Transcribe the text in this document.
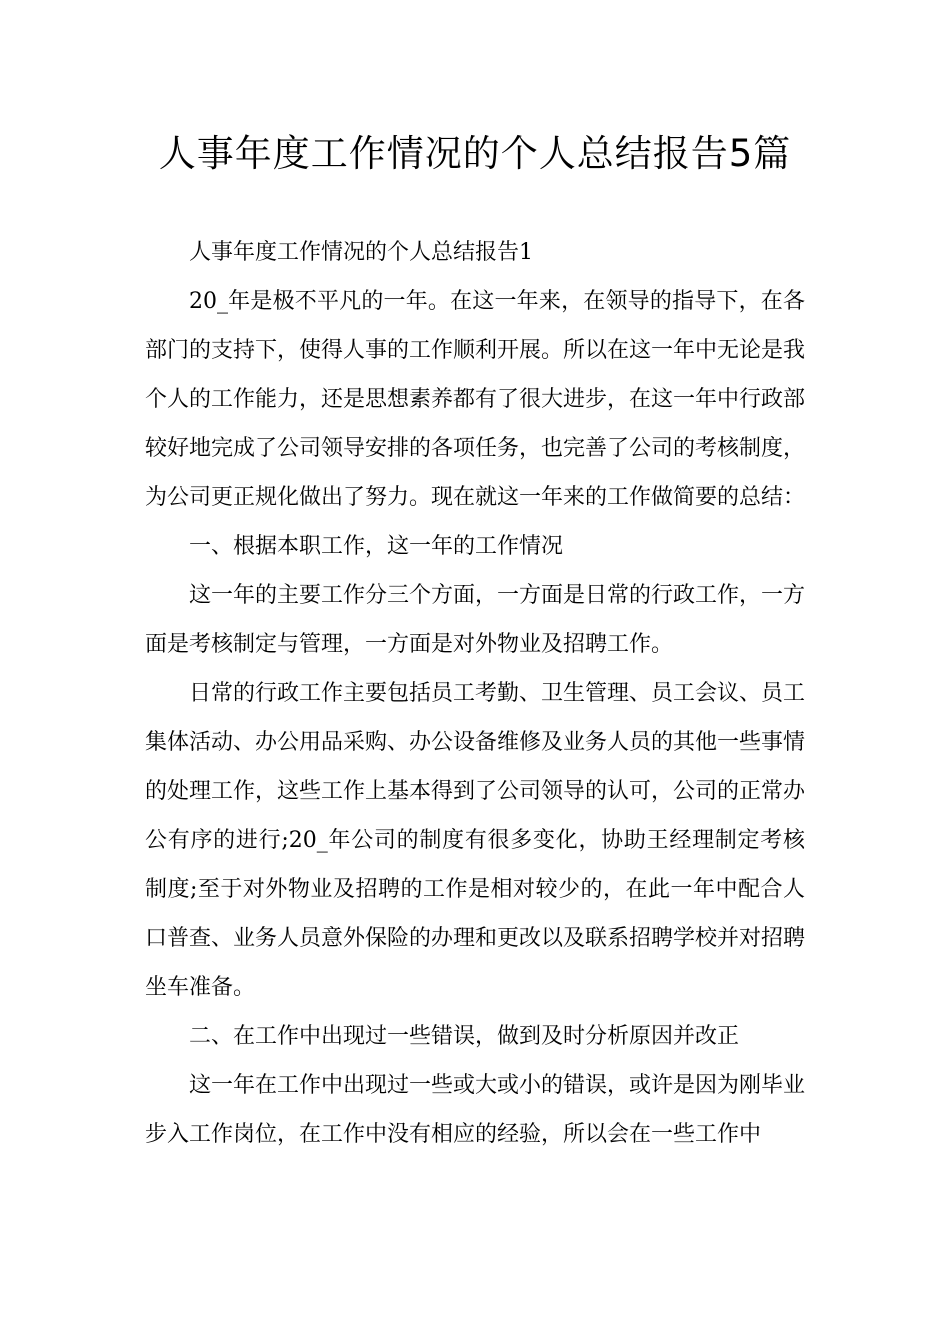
人事年度工作情况的个人总结报告5篇

人事年度工作情况的个人总结报告1

20_年是极不平凡的一年。在这一年来，在领导的指导下，在各部门的支持下，使得人事的工作顺利开展。所以在这一年中无论是我个人的工作能力，还是思想素养都有了很大进步，在这一年中行政部较好地完成了公司领导安排的各项任务，也完善了公司的考核制度，为公司更正规化做出了努力。现在就这一年来的工作做简要的总结：

一、根据本职工作，这一年的工作情况

这一年的主要工作分三个方面，一方面是日常的行政工作，一方面是考核制定与管理，一方面是对外物业及招聘工作。

日常的行政工作主要包括员工考勤、卫生管理、员工会议、员工集体活动、办公用品采购、办公设备维修及业务人员的其他一些事情的处理工作，这些工作上基本得到了公司领导的认可，公司的正常办公有序的进行;20_年公司的制度有很多变化，协助王经理制定考核制度;至于对外物业及招聘的工作是相对较少的，在此一年中配合人口普查、业务人员意外保险的办理和更改以及联系招聘学校并对招聘坐车准备。

二、在工作中出现过一些错误，做到及时分析原因并改正

这一年在工作中出现过一些或大或小的错误，或许是因为刚毕业步入工作岗位，在工作中没有相应的经验，所以会在一些工作中
